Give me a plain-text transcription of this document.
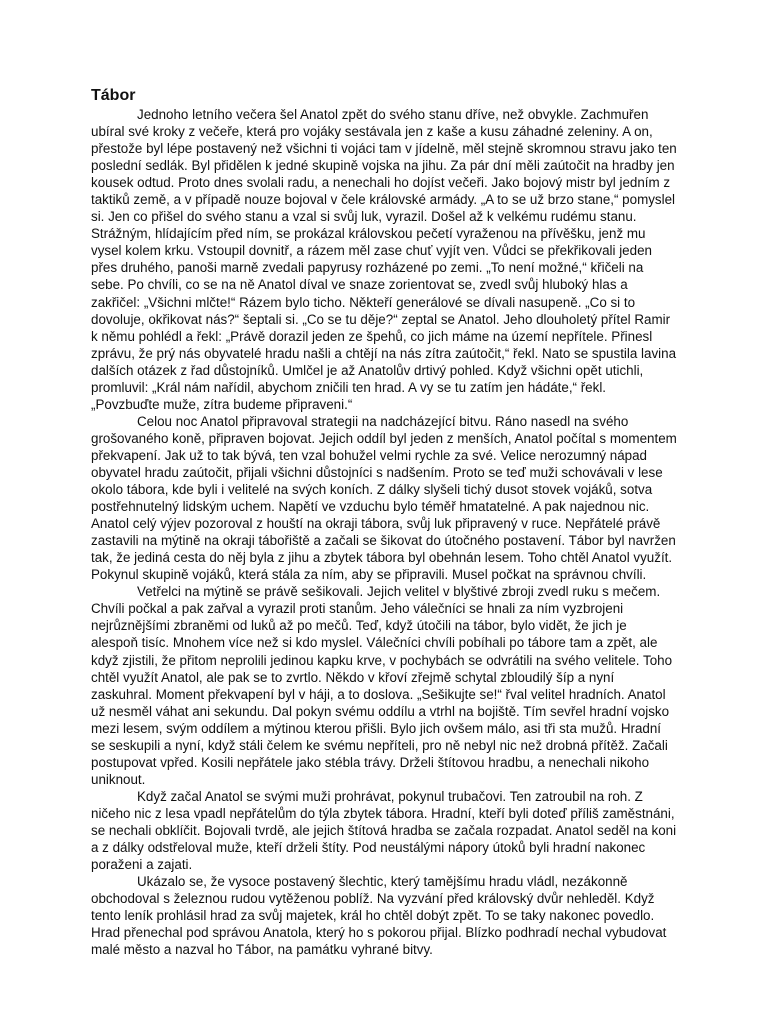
Tábor

Jednoho letního večera šel Anatol zpět do svého stanu dříve, než obvykle. Zachmuřen ubíral své kroky z večeře, která pro vojáky sestávala jen z kaše a kusu záhadné zeleniny. A on, přestože byl lépe postavený než všichni ti vojáci tam v jídelně, měl stejně skromnou stravu jako ten poslední sedlák. Byl přidělen k jedné skupině vojska na jihu. Za pár dní měli zaútočit na hradby jen kousek odtud. Proto dnes svolali radu, a nenechali ho dojíst večeři. Jako bojový mistr byl jedním z taktiků země, a v případě nouze bojoval v čele královské armády. „A to se už brzo stane,“ pomyslel si. Jen co přišel do svého stanu a vzal si svůj luk, vyrazil. Došel až k velkému rudému stanu. Strážným, hlídajícím před ním, se prokázal královskou pečetí vyraženou na přívěšku, jenž mu vysel kolem krku. Vstoupil dovnitř, a rázem měl zase chuť vyjít ven. Vůdci se překřikovali jeden přes druhého, panoši marně zvedali papyrusy rozházené po zemi. „To není možné,“ křičeli na sebe. Po chvíli, co se na ně Anatol díval ve snaze zorientovat se, zvedl svůj hluboký hlas a zakřičel: „Všichni mlčte!“ Rázem bylo ticho. Někteří generálové se dívali nasupeně. „Co si to dovoluje, okřikovat nás?“ šeptali si. „Co se tu děje?“ zeptal se Anatol. Jeho dlouholetý přítel Ramir k němu pohlédl a řekl: „Právě dorazil jeden ze špehů, co jich máme na území nepřítele. Přinesl zprávu, že prý nás obyvatelé hradu našli a chtějí na nás zítra zaútočit,“ řekl. Nato se spustila lavina dalších otázek z řad důstojníků. Umlčel je až Anatolův drtivý pohled. Když všichni opět utichli, promluvil: „Král nám nařídil, abychom zničili ten hrad. A vy se tu zatím jen hádáte,“ řekl. „Povzbuďte muže, zítra budeme připraveni.“

Celou noc Anatol připravoval strategii na nadcházející bitvu. Ráno nasedl na svého grošovaného koně, připraven bojovat. Jejich oddíl byl jeden z menších, Anatol počítal s momentem překvapení. Jak už to tak bývá, ten vzal bohužel velmi rychle za své. Velice nerozumný nápad obyvatel hradu zaútočit, přijali všichni důstojníci s nadšením. Proto se teď muži schovávali v lese okolo tábora, kde byli i velitelé na svých koních. Z dálky slyšeli tichý dusot stovek vojáků, sotva postřehnutelný lidským uchem. Napětí ve vzduchu bylo téměř hmatatelné. A pak najednou nic. Anatol celý výjev pozoroval z houští na okraji tábora, svůj luk připravený v ruce. Nepřátelé právě zastavili na mýtině na okraji tábořiště a začali se šikovat do útočného postavení. Tábor byl navržen tak, že jediná cesta do něj byla z jihu a zbytek tábora byl obehnán lesem. Toho chtěl Anatol využít. Pokynul skupině vojáků, která stála za ním, aby se připravili. Musel počkat na správnou chvíli.

Vetřelci na mýtině se právě sešikovali. Jejich velitel v blyštivé zbroji zvedl ruku s mečem. Chvíli počkal a pak zařval a vyrazil proti stanům. Jeho válečníci se hnali za ním vyzbrojeni nejrůznějšími zbraněmi od luků až po mečů. Teď, když útočili na tábor, bylo vidět, že jich je alespoň tisíc. Mnohem více než si kdo myslel. Válečníci chvíli pobíhali po tábore tam a zpět, ale když zjistili, že přitom neprolili jedinou kapku krve, v pochybách se odvrátili na svého velitele. Toho chtěl využít Anatol, ale pak se to zvrtlo. Někdo v křoví zřejmě schytal zbloudilý šíp a nyní zaskuhral. Moment překvapení byl v háji, a to doslova. „Sešikujte se!“ řval velitel hradních. Anatol už nesměl váhat ani sekundu. Dal pokyn svému oddílu a vtrhl na bojiště. Tím sevřel hradní vojsko mezi lesem, svým oddílem a mýtinou kterou přišli. Bylo jich ovšem málo, asi tři sta mužů. Hradní se seskupili a nyní, když stáli čelem ke svému nepříteli, pro ně nebyl nic než drobná přítěž. Začali postupovat vpřed. Kosili nepřátele jako stébla trávy. Drželi štítovou hradbu, a nenechali nikoho uniknout.

Když začal Anatol se svými muži prohrávat, pokynul trubačovi. Ten zatroubil na roh. Z ničeho nic z lesa vpadl nepřátelům do týla zbytek tábora. Hradní, kteří byli doteď příliš zaměstnáni, se nechali obklíčit. Bojovali tvrdě, ale jejich štítová hradba se začala rozpadat. Anatol seděl na koni a z dálky odstřeloval muže, kteří drželi štíty. Pod neustálými nápory útoků byli hradní nakonec poraženi a zajati.

Ukázalo se, že vysoce postavený šlechtic, který tamějšímu hradu vládl, nezákonně obchodoval s železnou rudou vytěženou poblíž. Na vyzvání před královský dvůr nehleděl. Když tento leník prohlásil hrad za svůj majetek, král ho chtěl dobýt zpět. To se taky nakonec povedlo. Hrad přenechal pod správou Anatola, který ho s pokorou přijal. Blízko podhradí nechal vybudovat malé město a nazval ho Tábor, na památku vyhrané bitvy.
